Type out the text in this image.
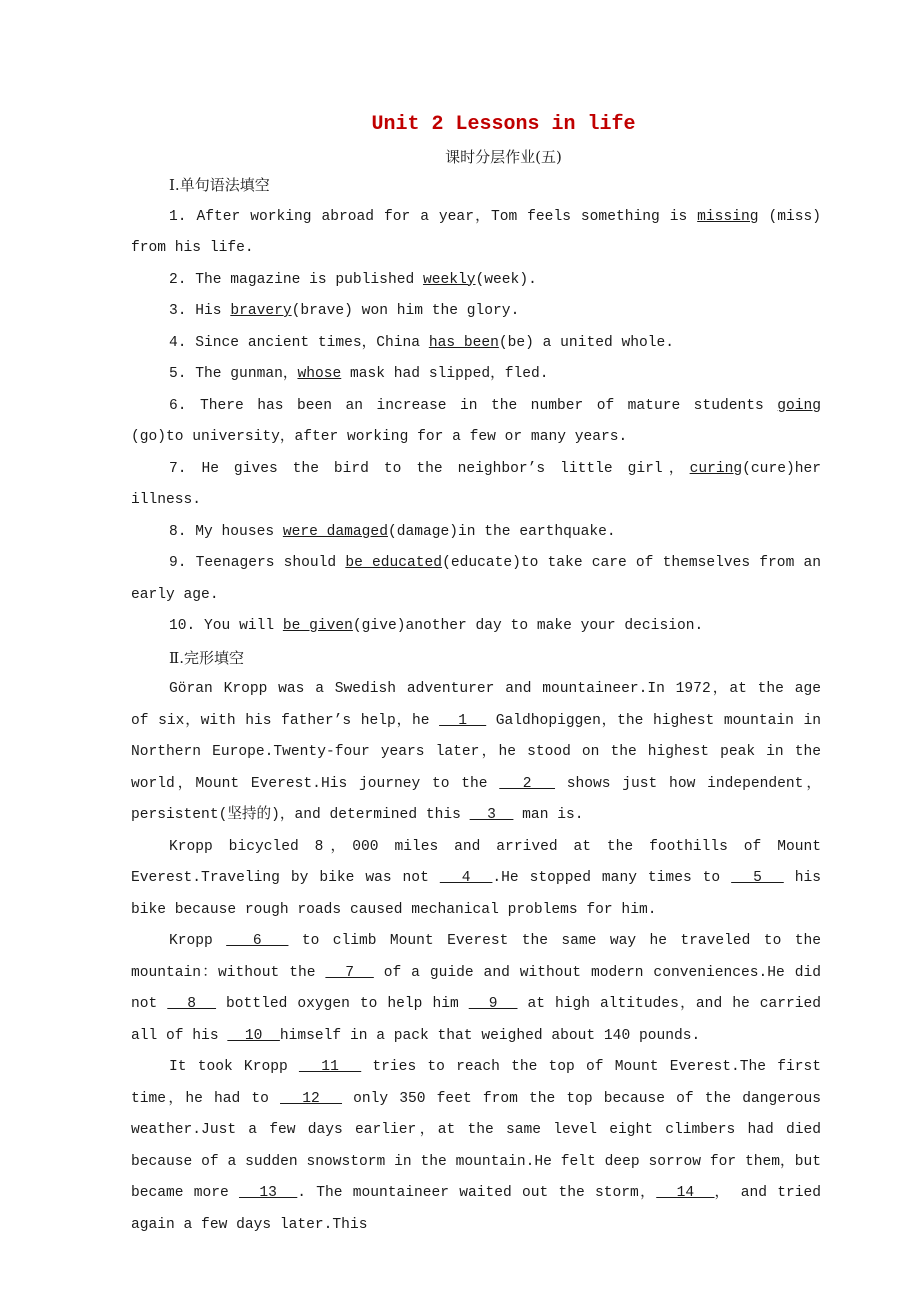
Unit 2 Lessons in life
课时分层作业(五)
Ⅰ.单句语法填空

1. After working abroad for a year，Tom feels something is missing (miss) from his life.

2. The magazine is published weekly(week).

3. His bravery(brave) won him the glory.

4. Since ancient times，China has been(be) a united whole.

5. The gunman，whose mask had slipped，fled.

6. There has been an increase in the number of mature students going (go)to university，after working for a few or many years.

7. He gives the bird to the neighbor’s little girl，curing(cure)her illness.

8. My houses were damaged(damage)in the earthquake.

9. Teenagers should be educated(educate)to take care of themselves from an early age.

10. You will be given(give)another day to make your decision.

Ⅱ.完形填空

Göran Kropp was a Swedish adventurer and mountaineer.In 1972，at the age of six，with his father’s help，he   1   Galdhopiggen，the highest mountain in Northern Europe.Twenty-four years later，he stood on the highest peak in the world，Mount Everest.His journey to the   2   shows just how independent，persistent(坚持的)，and determined this   3   man is.

Kropp bicycled 8，000 miles and arrived at the foothills of Mount Everest.Traveling by bike was not   4  .He stopped many times to   5   his bike because rough roads caused mechanical problems for him.

Kropp   6   to climb Mount Everest the same way he traveled to the mountain：without the   7   of a guide and without modern conveniences.He did not   8   bottled oxygen to help him   9   at high altitudes，and he carried all of his   10  himself in a pack that weighed about 140 pounds.

It took Kropp   11   tries to reach the top of Mount Everest.The first time，he had to   12   only 350 feet from the top because of the dangerous weather.Just a few days earlier，at the same level eight climbers had died because of a sudden snowstorm in the mountain.He felt deep sorrow for them，but became more   13  . The mountaineer waited out the storm，  14  ， and tried again a few days later.This
